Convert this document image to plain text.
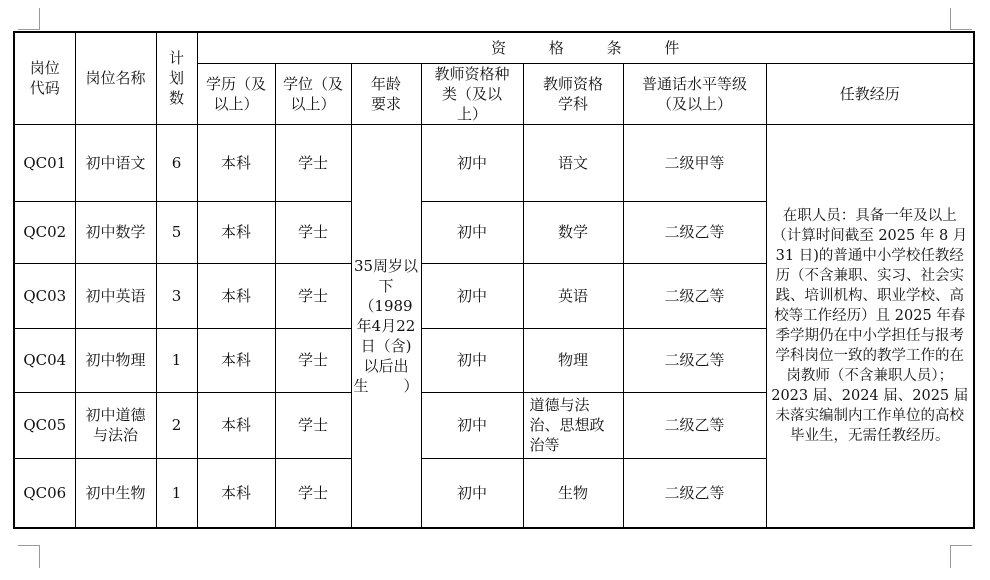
岗位代码	岗位名称	计划数	资 格 条 件						
			学历（及以上）	学位（及以上）	年龄要求	教师资格种类（及以上）	教师资格学科	普通话水平等级（及以上）	任教经历
QC01	初中语文	6	本科	学士	35周岁以下（1989年4月22日（含)以后出生）	初中	语文	二级甲等	在职人员：具备一年及以上（计算时间截至 2025 年 8 月 31 日)的普通中小学校任教经历（不含兼职、实习、社会实践、培训机构、职业学校、高校等工作经历）且 2025 年春季学期仍在中小学担任与报考学科岗位一致的教学工作的在岗教师（不含兼职人员）；

2023 届、2024 届、2025 届未落实编制内工作单位的高校毕业生，无需任教经历。

QC02	初中数学	5	本科	学士		初中	数学	二级乙等	
QC03	初中英语	3	本科	学士		初中	英语	二级乙等	
QC04	初中物理	1	本科	学士		初中	物理	二级乙等	
QC05	初中道德与法治	2	本科	学士		初中	道德与法治、思想政治等	二级乙等	
QC06	初中生物	1	本科	学士		初中	生物	二级乙等	
